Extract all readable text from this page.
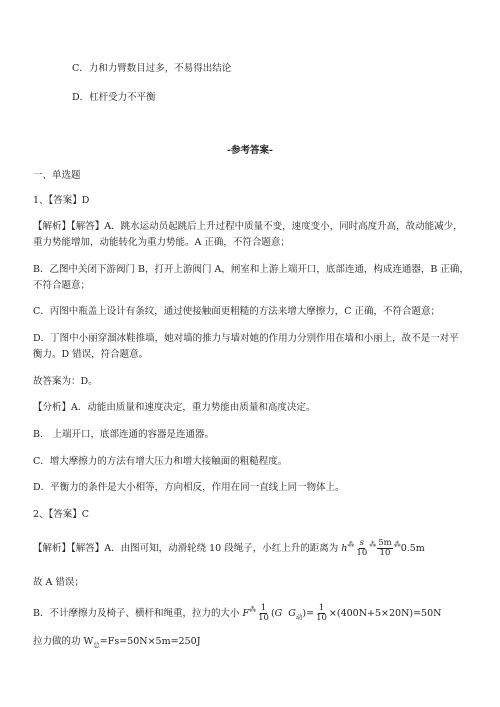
C．力和力臂数目过多，不易得出结论
D．杠杆受力不平衡
-参考答案-
一、单选题
1、【答案】D
【解析】【解答】A．跳水运动员起跳后上升过程中质量不变，速度变小，同时高度升高，故动能减少，
重力势能增加，动能转化为重力势能。A 正确，不符合题意；
B．乙图中关闭下游阀门 B，打开上游阀门 A，闸室和上游上端开口，底部连通，构成连通器，B 正确，
不符合题意；
C．丙图中瓶盖上设计有条纹，通过使接触面更粗糙的方法来增大摩擦力，C 正确，不符合题意；
D．丁图中小丽穿溜冰鞋推墙，她对墙的推力与墙对她的作用力分别作用在墙和小丽上，故不是一对平
衡力。D 错误，符合题意。
故答案为：D。
【分析】A．动能由质量和速度决定，重力势能由质量和高度决定。
B． 上端开口，底部连通的容器是连通器。
C．增大摩擦力的方法有增大压力和增大接触面的粗糙程度。
D．平衡力的条件是大小相等，方向相反，作用在同一直线上同一物体上。
2、【答案】C
【解析】【解答】A．由图可知，动滑轮绕 10 段绳子，小红上升的距离为 $h^⁂ \frac{s}{10} ^⁂ \frac{5m}{10} ^⁂0.5m$
故 A 错误；
B．不计摩擦力及椅子、横杆和绳重，拉力的大小 $F^⁂ \frac{1}{10} (G$ $G_动)= \frac{1}{10} \times(400N+5\times 20N)=50N$
拉力做的功 $W_总=Fs=50N\times 5m=250J$
